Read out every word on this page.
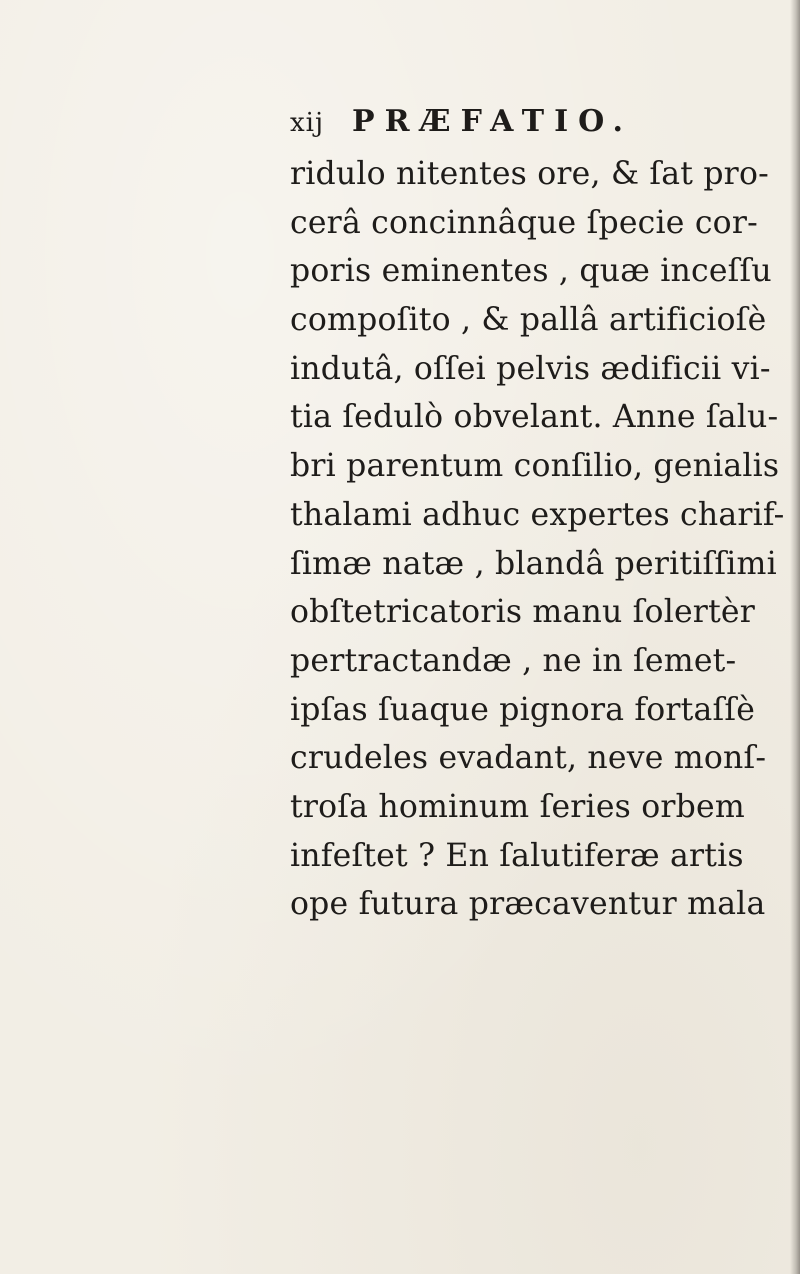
xij PRÆFATIO.
ridulo nitentes ore, & ſat pro-
cerâ concinnâque ſpecie cor-
poris eminentes , quæ inceſſu
compoſito , & pallâ artificioſè
indutâ, oſſei pelvis ædificii vi-
tia ſedulò obvelant. Anne ſalu-
bri parentum conſilio, genialis
thalami adhuc expertes charif-
ſimæ natæ , blandâ peritiſſimi
obſtetricatoris manu ſolertèr
pertractandæ , ne in ſemet-
ipſas ſuaque pignora fortaſſè
crudeles evadant, neve monſ-
troſa hominum ſeries orbem
infeſtet ? En ſalutiferæ artis
ope futura præcaventur mala
